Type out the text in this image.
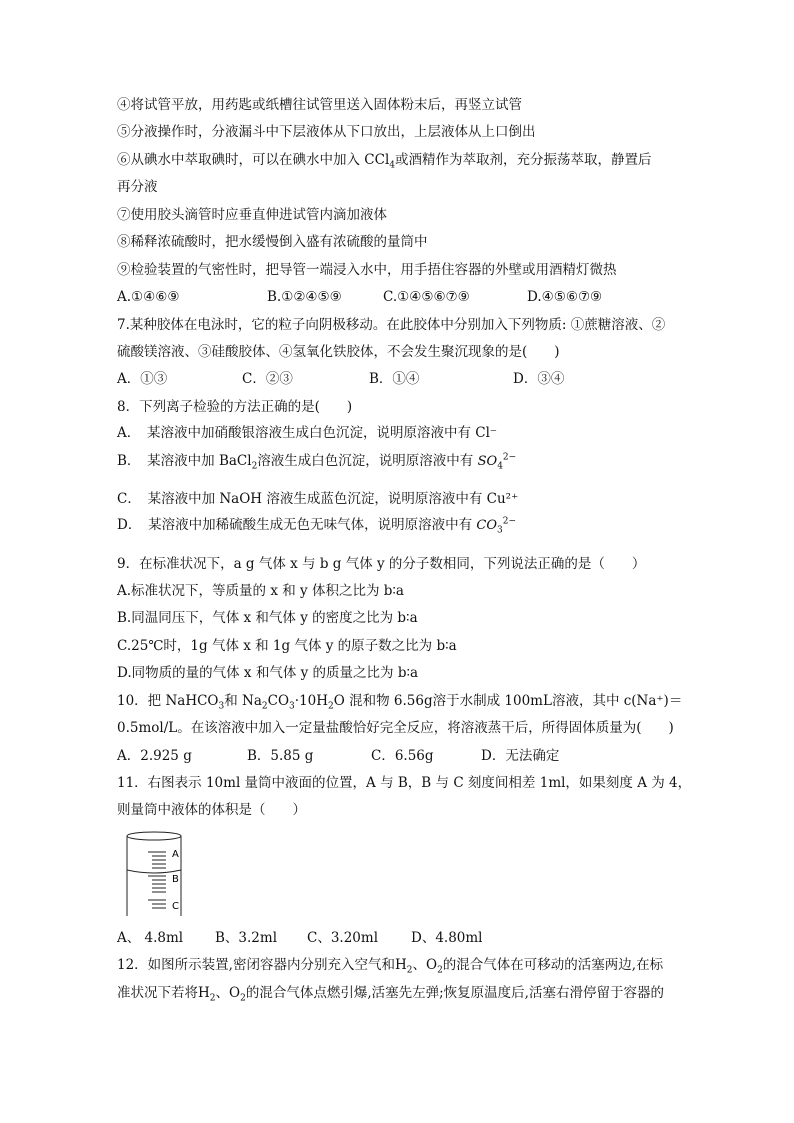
④将试管平放，用药匙或纸槽往试管里送入固体粉末后，再竖立试管
⑤分液操作时，分液漏斗中下层液体从下口放出，上层液体从上口倒出
⑥从碘水中萃取碘时，可以在碘水中加入 CCl$_4$或酒精作为萃取剂，充分振荡萃取，静置后
再分液
⑦使用胶头滴管时应垂直伸进试管内滴加液体
⑧稀释浓硫酸时，把水缓慢倒入盛有浓硫酸的量筒中
⑨检验装置的气密性时，把导管一端浸入水中，用手捂住容器的外壁或用酒精灯微热
A.①④⑥⑨	B.①②④⑤⑨	C.①④⑤⑥⑦⑨	D.④⑤⑥⑦⑨
7.某种胶体在电泳时，它的粒子向阴极移动。在此胶体中分别加入下列物质: ①蔗糖溶液、②
硫酸镁溶液、③硅酸胶体、④氢氧化铁胶体，不会发生聚沉现象的是(　　)
A．①③	C．②③	B．①④	D．③④
8．下列离子检验的方法正确的是(　　)
A．　某溶液中加硝酸银溶液生成白色沉淀，说明原溶液中有 Cl⁻
B．　某溶液中加 BaCl$_2$溶液生成白色沉淀，说明原溶液中有 $SO_4^{2-}$
C．　某溶液中加 NaOH 溶液生成蓝色沉淀，说明原溶液中有 Cu²⁺
D．　某溶液中加稀硫酸生成无色无味气体，说明原溶液中有 $CO_3^{2-}$
9．在标准状况下，a g 气体 x 与 b g 气体 y 的分子数相同，下列说法正确的是（　　）
A.标准状况下，等质量的 x 和 y 体积之比为 b∶a
B.同温同压下，气体 x 和气体 y 的密度之比为 b∶a
C.25℃时，1g 气体 x 和 1g 气体 y 的原子数之比为 b∶a
D.同物质的量的气体 x 和气体 y 的质量之比为 b∶a
10．把 NaHCO$_3$和 $Na_2CO_3\cdot 10H_2O$ 混和物 6.56g溶于水制成 100mL溶液，其中 c(Na⁺)＝
0.5mol/L。在该溶液中加入一定量盐酸恰好完全反应，将溶液蒸干后，所得固体质量为(　　)
A．2.925 g	B．5.85 g	C．6.56g	D．无法确定
11．右图表示 10ml 量筒中液面的位置，A 与 B，B 与 C 刻度间相差 1ml，如果刻度 A 为 4，
则量筒中液体的体积是（　　）
A
B
C
A、 4.8ml B、3.2ml C、3.20ml D、4.80ml
12．如图所示装置,密闭容器内分别充入空气和$H_2$、$O_2$的混合气体在可移动的活塞两边,在标
准状况下若将$H_2$、$O_2$的混合气体点燃引爆,活塞先左弹;恢复原温度后,活塞右滑停留于容器的
